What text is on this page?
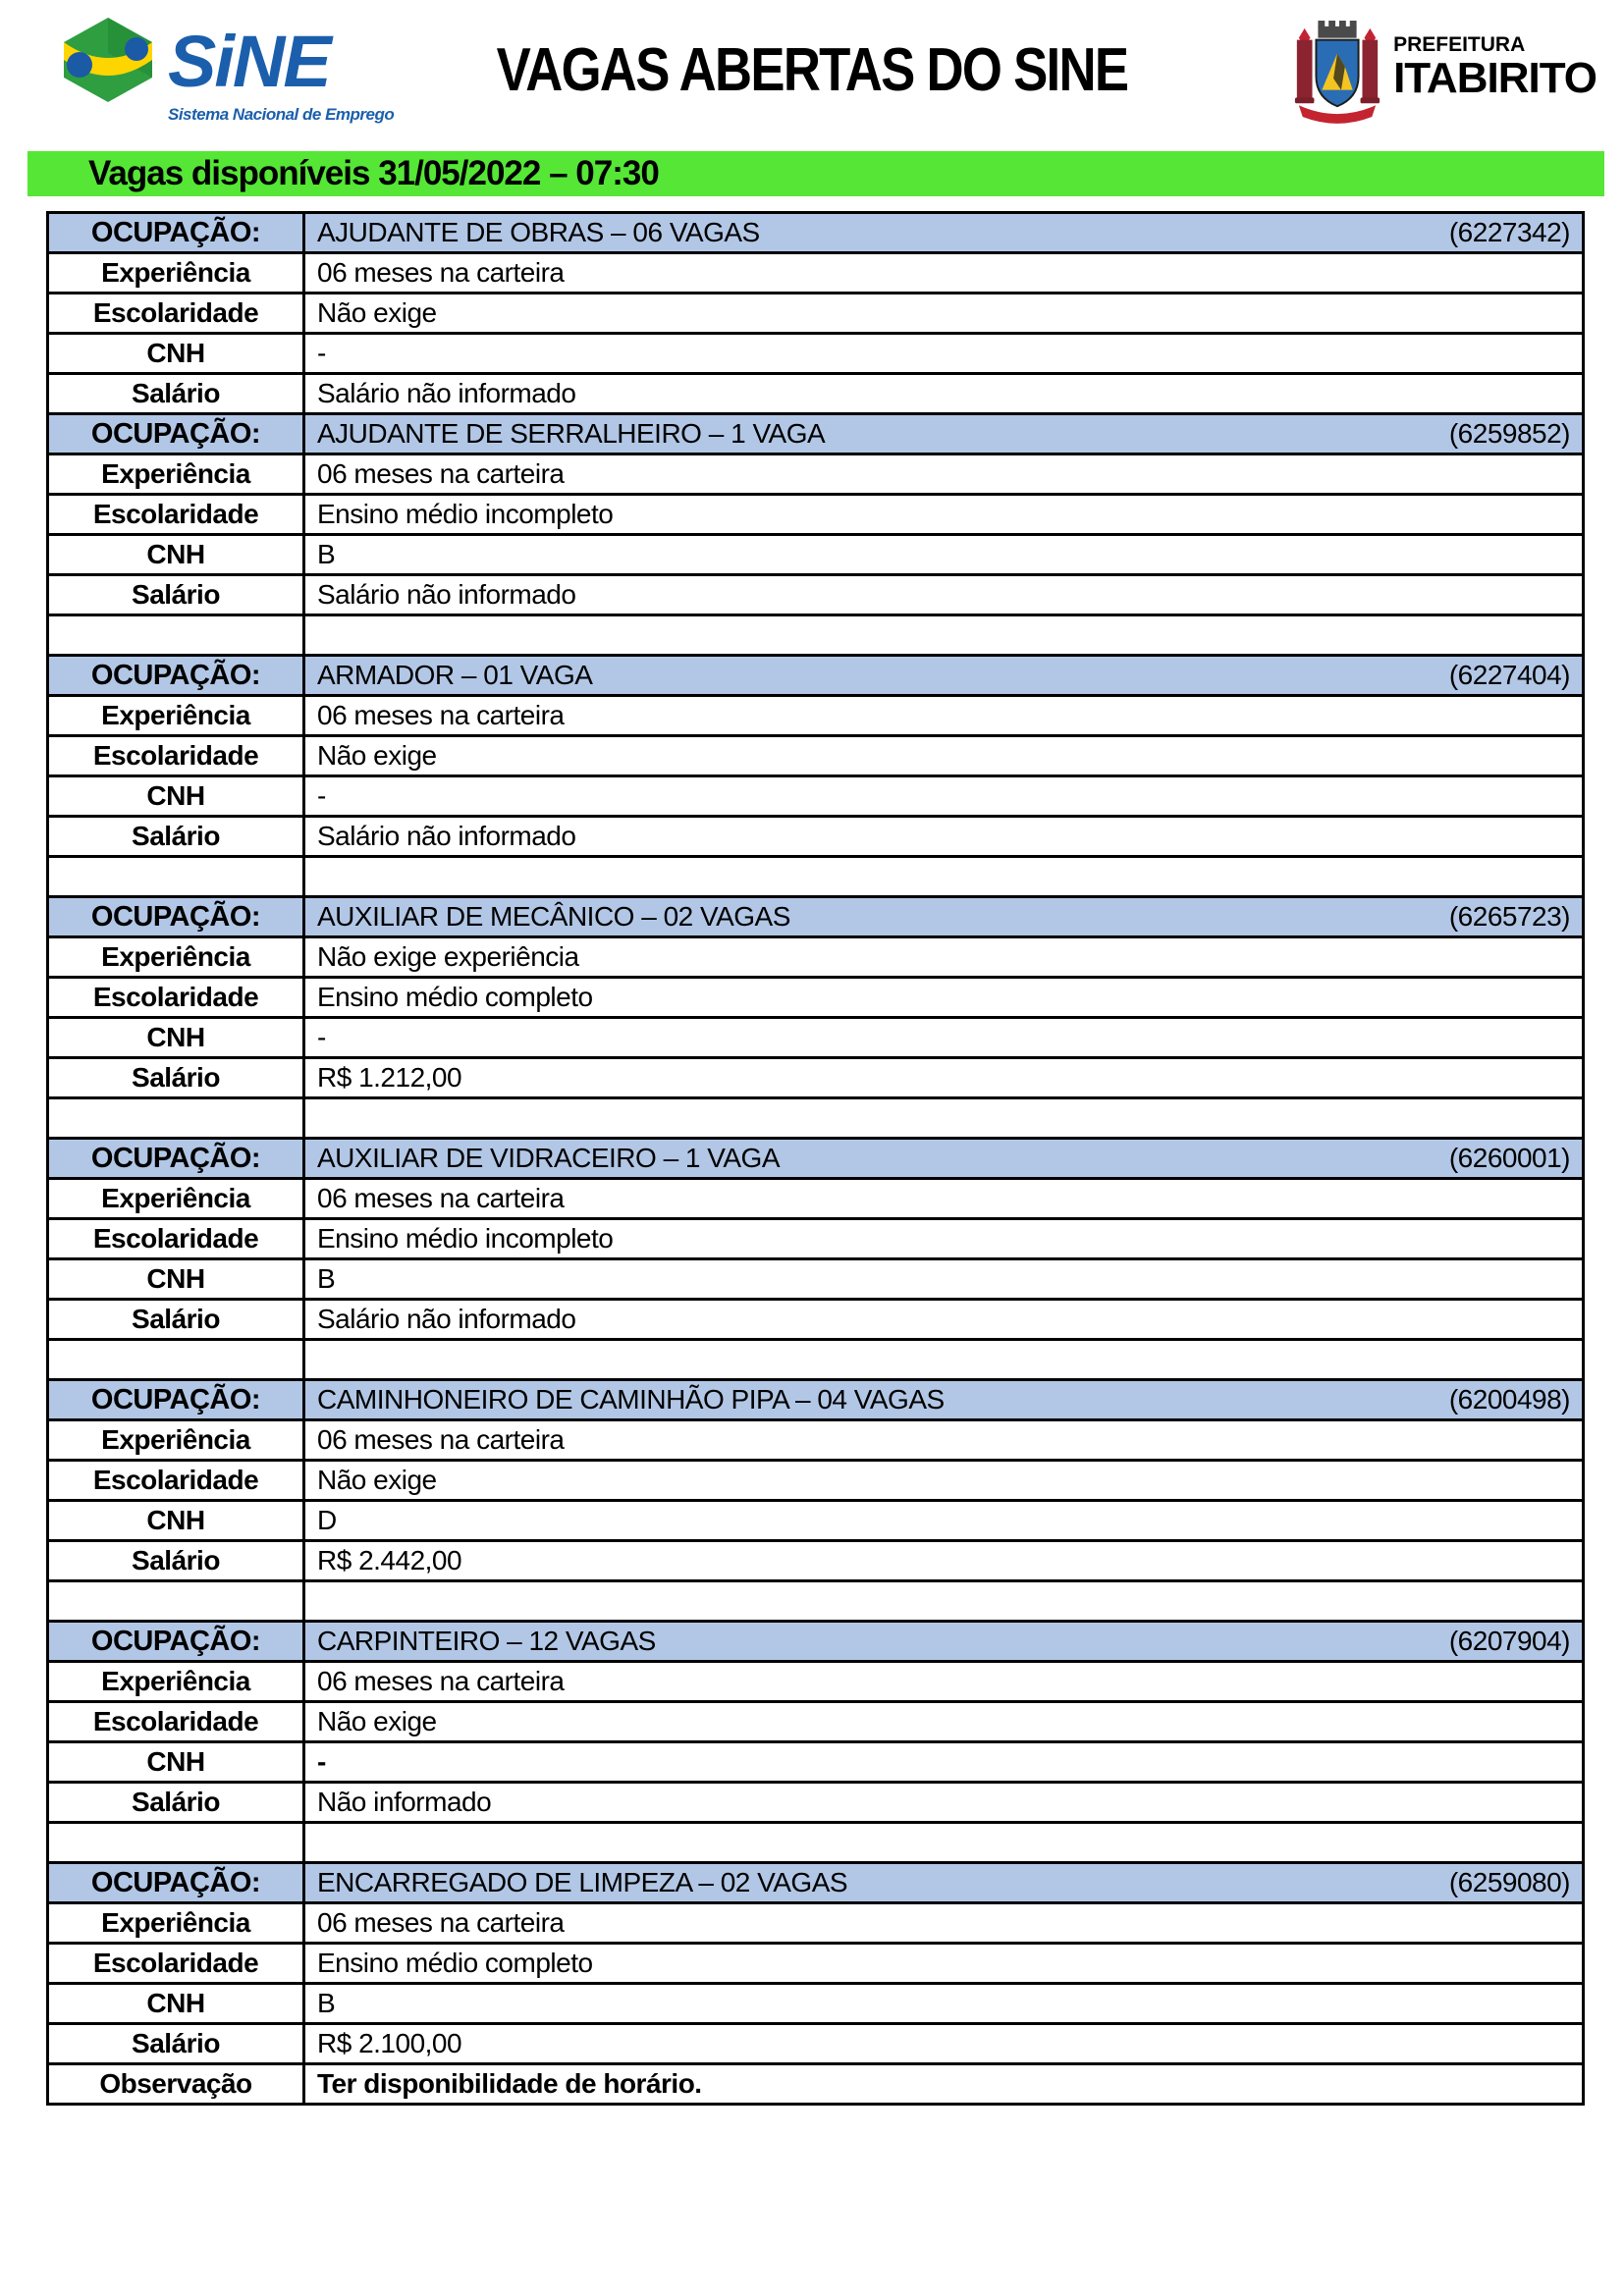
SiNE
Sistema Nacional de Emprego
VAGAS ABERTAS DO SINE	PREFEITURA
ITABIRITO
Vagas disponíveis 31/05/2022 – 07:30
OCUPAÇÃO:	AJUDANTE DE OBRAS – 06 VAGAS (6227342)

Experiência	06 meses na carteira
Escolaridade	Não exige
CNH	-
Salário	Salário não informado
OCUPAÇÃO:	AJUDANTE DE SERRALHEIRO – 1 VAGA (6259852)

Experiência	06 meses na carteira
Escolaridade	Ensino médio incompleto
CNH	B
Salário	Salário não informado

OCUPAÇÃO:	ARMADOR – 01 VAGA (6227404)

Experiência	06 meses na carteira
Escolaridade	Não exige
CNH	-
Salário	Salário não informado

OCUPAÇÃO:	AUXILIAR DE MECÂNICO – 02 VAGAS (6265723)

Experiência	Não exige experiência
Escolaridade	Ensino médio completo
CNH	-
Salário	R$ 1.212,00

OCUPAÇÃO:	AUXILIAR DE VIDRACEIRO – 1 VAGA (6260001)

Experiência	06 meses na carteira
Escolaridade	Ensino médio incompleto
CNH	B
Salário	Salário não informado

OCUPAÇÃO:	CAMINHONEIRO DE CAMINHÃO PIPA – 04 VAGAS (6200498)

Experiência	06 meses na carteira
Escolaridade	Não exige
CNH	D
Salário	R$ 2.442,00

OCUPAÇÃO:	CARPINTEIRO – 12 VAGAS (6207904)

Experiência	06 meses na carteira
Escolaridade	Não exige
CNH	-
Salário	Não informado

OCUPAÇÃO:	ENCARREGADO DE LIMPEZA – 02 VAGAS (6259080)

Experiência	06 meses na carteira
Escolaridade	Ensino médio completo
CNH	B
Salário	R$ 2.100,00
Observação	Ter disponibilidade de horário.
